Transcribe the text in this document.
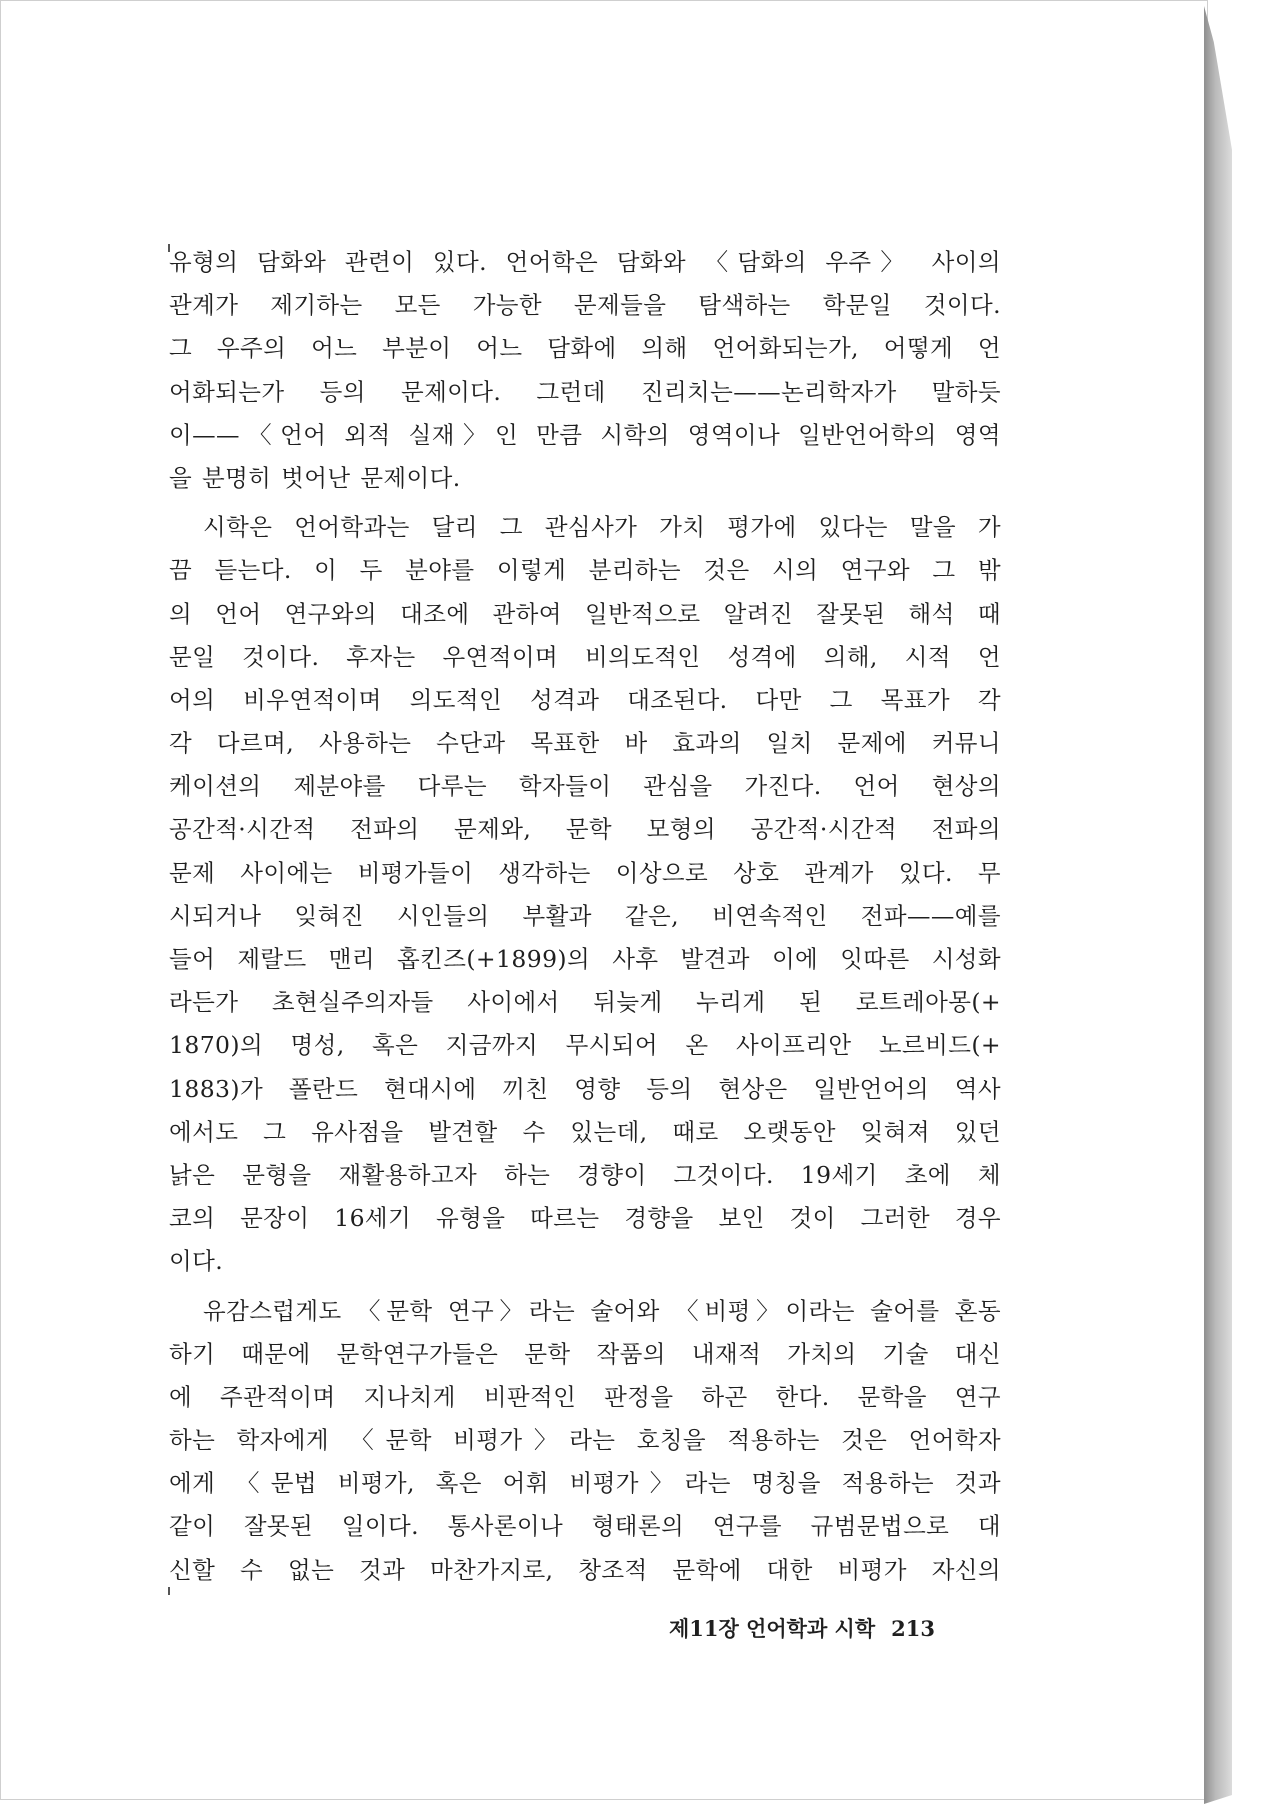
유형의 담화와 관련이 있다. 언어학은 담화와 〈담화의 우주〉 사이의
관계가 제기하는 모든 가능한 문제들을 탐색하는 학문일 것이다.
그 우주의 어느 부분이 어느 담화에 의해 언어화되는가, 어떻게 언
어화되는가 등의 문제이다. 그런데 진리치는——논리학자가 말하듯
이——〈언어 외적 실재〉인 만큼 시학의 영역이나 일반언어학의 영역
을 분명히 벗어난 문제이다.
시학은 언어학과는 달리 그 관심사가 가치 평가에 있다는 말을 가
끔 듣는다. 이 두 분야를 이렇게 분리하는 것은 시의 연구와 그 밖
의 언어 연구와의 대조에 관하여 일반적으로 알려진 잘못된 해석 때
문일 것이다. 후자는 우연적이며 비의도적인 성격에 의해, 시적 언
어의 비우연적이며 의도적인 성격과 대조된다. 다만 그 목표가 각
각 다르며, 사용하는 수단과 목표한 바 효과의 일치 문제에 커뮤니
케이션의 제분야를 다루는 학자들이 관심을 가진다. 언어 현상의
공간적·시간적 전파의 문제와, 문학 모형의 공간적·시간적 전파의
문제 사이에는 비평가들이 생각하는 이상으로 상호 관계가 있다. 무
시되거나 잊혀진 시인들의 부활과 같은, 비연속적인 전파——예를
들어 제랄드 맨리 홉킨즈(+1899)의 사후 발견과 이에 잇따른 시성화
라든가 초현실주의자들 사이에서 뒤늦게 누리게 된 로트레아몽(+
1870)의 명성, 혹은 지금까지 무시되어 온 사이프리안 노르비드(+
1883)가 폴란드 현대시에 끼친 영향 등의 현상은 일반언어의 역사
에서도 그 유사점을 발견할 수 있는데, 때로 오랫동안 잊혀져 있던
낡은 문형을 재활용하고자 하는 경향이 그것이다. 19세기 초에 체
코의 문장이 16세기 유형을 따르는 경향을 보인 것이 그러한 경우
이다.
유감스럽게도 〈문학 연구〉라는 술어와 〈비평〉이라는 술어를 혼동
하기 때문에 문학연구가들은 문학 작품의 내재적 가치의 기술 대신
에 주관적이며 지나치게 비판적인 판정을 하곤 한다. 문학을 연구
하는 학자에게 〈문학 비평가〉라는 호칭을 적용하는 것은 언어학자
에게 〈문법 비평가, 혹은 어휘 비평가〉라는 명칭을 적용하는 것과
같이 잘못된 일이다. 통사론이나 형태론의 연구를 규범문법으로 대
신할 수 없는 것과 마찬가지로, 창조적 문학에 대한 비평가 자신의
제11장 언어학과 시학 213
